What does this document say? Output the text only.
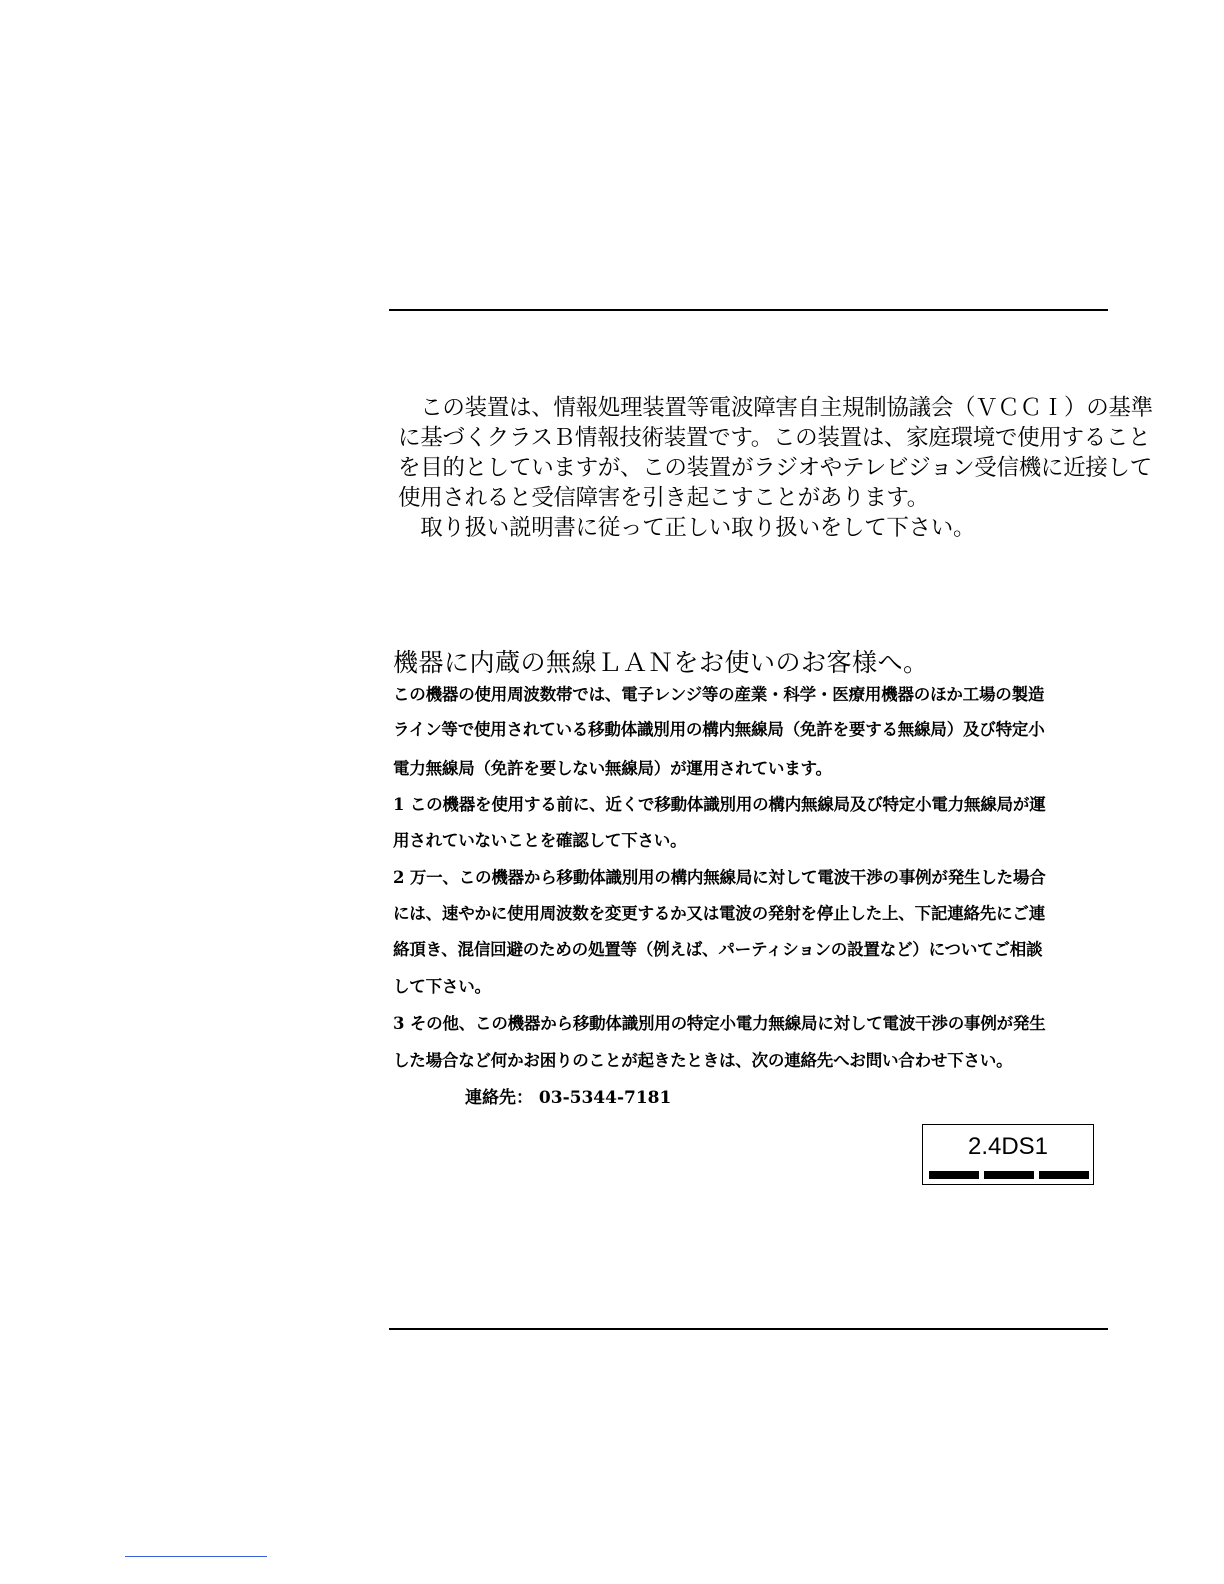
　この装置は、情報処理装置等電波障害自主規制協議会（ＶＣＣＩ）の基準
に基づくクラスＢ情報技術装置です。この装置は、家庭環境で使用すること
を目的としていますが、この装置がラジオやテレビジョン受信機に近接して
使用されると受信障害を引き起こすことがあります。
　取り扱い説明書に従って正しい取り扱いをして下さい。
機器に内蔵の無線ＬＡＮをお使いのお客様へ。
この機器の使用周波数帯では、電子レンジ等の産業・科学・医療用機器のほか工場の製造
ライン等で使用されている移動体識別用の構内無線局（免許を要する無線局）及び特定小
電力無線局（免許を要しない無線局）が運用されています。
1 この機器を使用する前に、近くで移動体識別用の構内無線局及び特定小電力無線局が運
用されていないことを確認して下さい。
2 万一、この機器から移動体識別用の構内無線局に対して電波干渉の事例が発生した場合
には、速やかに使用周波数を変更するか又は電波の発射を停止した上、下記連絡先にご連
絡頂き、混信回避のための処置等（例えば、パーティションの設置など）についてご相談
して下さい。
3 その他、この機器から移動体識別用の特定小電力無線局に対して電波干渉の事例が発生
した場合など何かお困りのことが起きたときは、次の連絡先へお問い合わせ下さい。
連絡先： 03-5344-7181
2.4DS1
